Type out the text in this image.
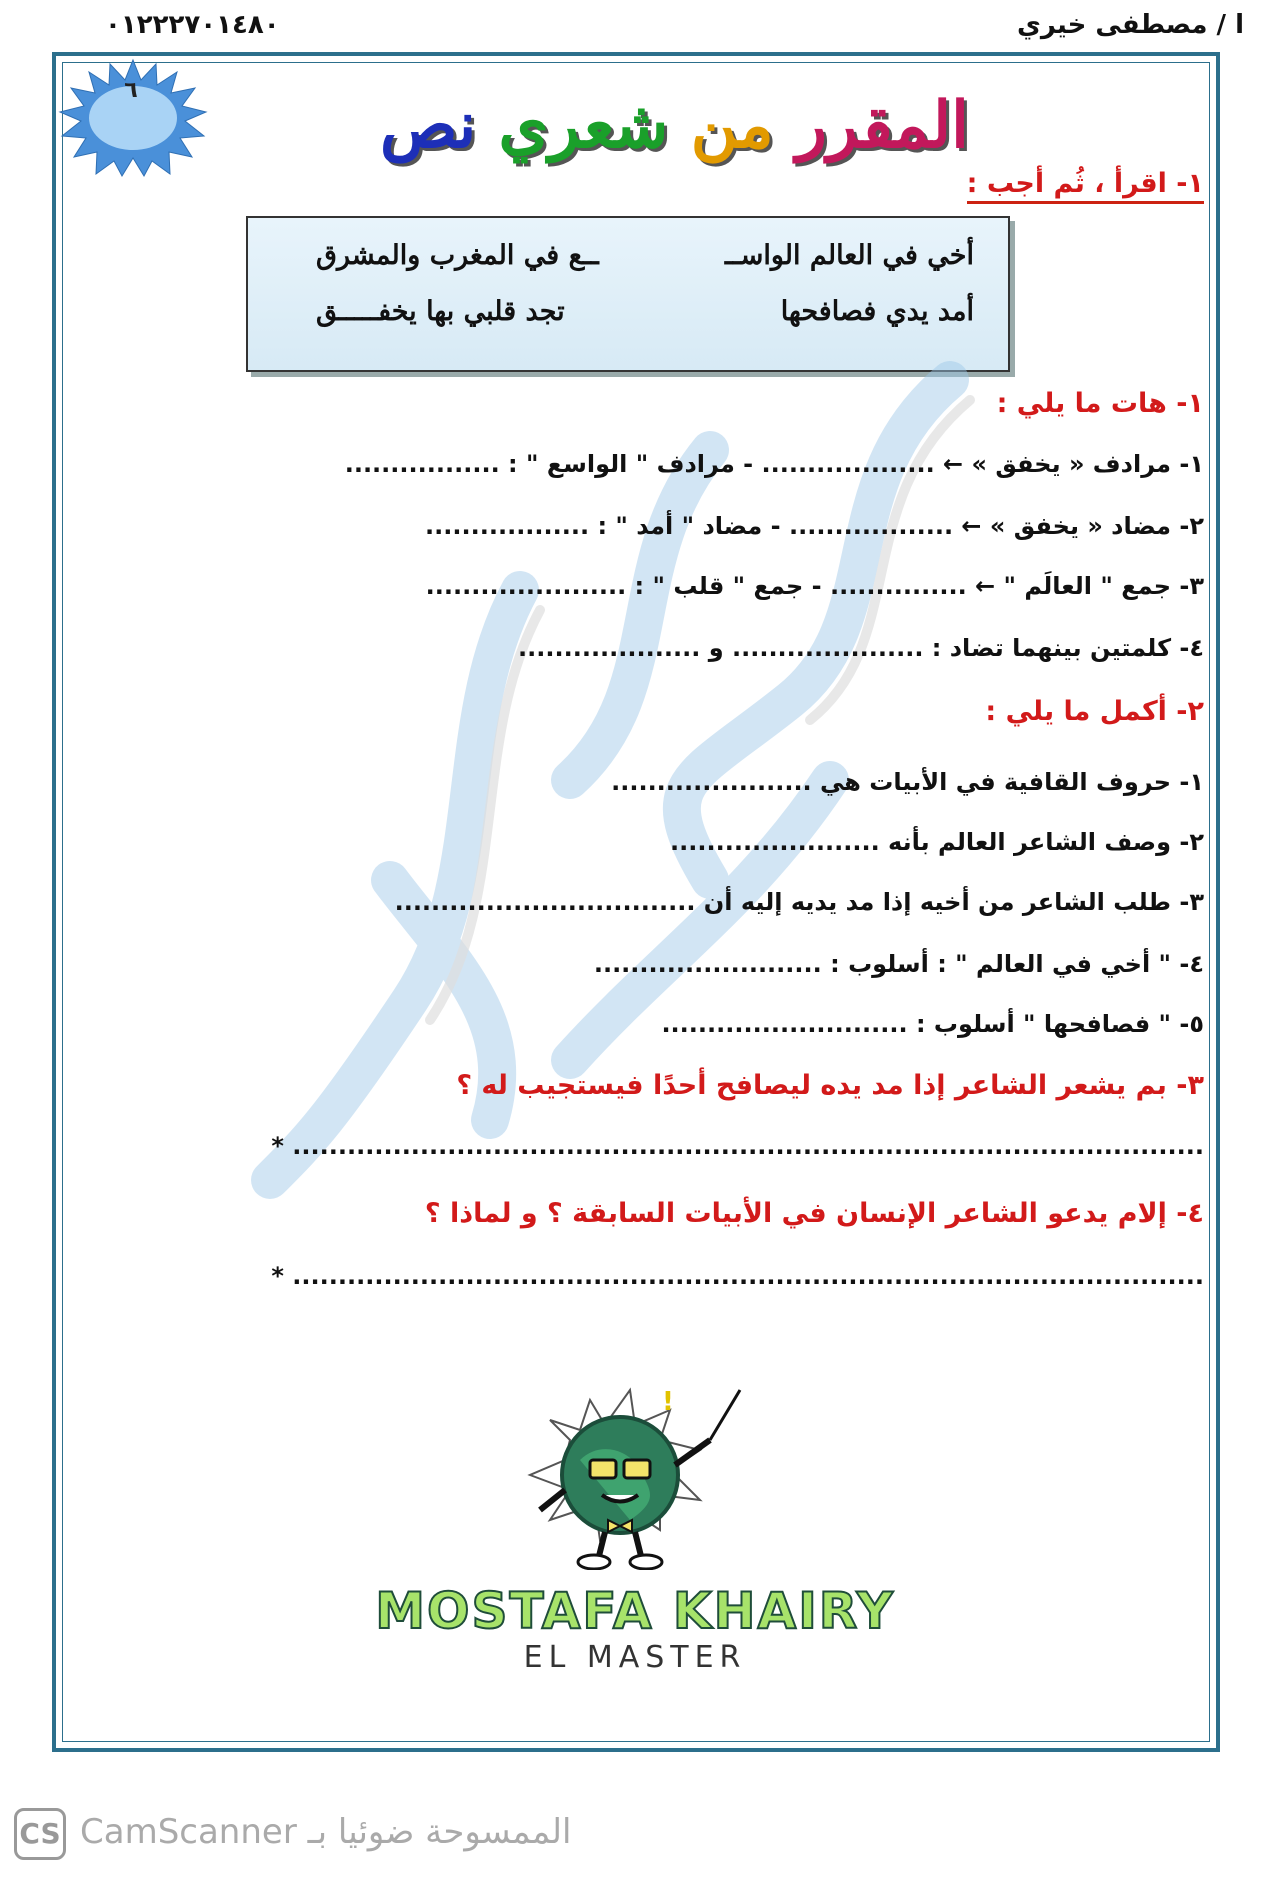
٠١٢٢٢٧٠١٤٨٠	ا / مصطفى خيري
٦	نص شعري من المقرر
١- اقرأ ، ثُم أجب :
أخي في العالم الواســ
ــع في المغرب والمشرق
أمد يدي فصافحها
تجد قلبي بها يخفـــــق
١- هات ما يلي :
١- مرادف « يخفق » ← ................... - مرادف " الواسع " : .................
٢- مضاد « يخفق » ← .................. - مضاد " أمد " : ..................
٣- جمع " العالَم " ← ............... - جمع " قلب " : ......................
٤- كلمتين بينهما تضاد : ..................... و ....................
٢- أكمل ما يلي :
١- حروف القافية في الأبيات هي ......................
٢- وصف الشاعر العالم بأنه .......................
٣- طلب الشاعر من أخيه إذا مد يديه إليه أن .................................
٤- " أخي في العالم " : أسلوب : .........................
٥- " فصافحها " أسلوب : ...........................
٣- بم يشعر الشاعر إذا مد يده ليصافح أحدًا فيستجيب له ؟
* ....................................................................................................
٤- إلام يدعو الشاعر الإنسان في الأبيات السابقة ؟ و لماذا ؟
* ....................................................................................................
!
MOSTAFA KHAIRY
EL MASTER
CS CamScanner الممسوحة ضوئيا بـ
